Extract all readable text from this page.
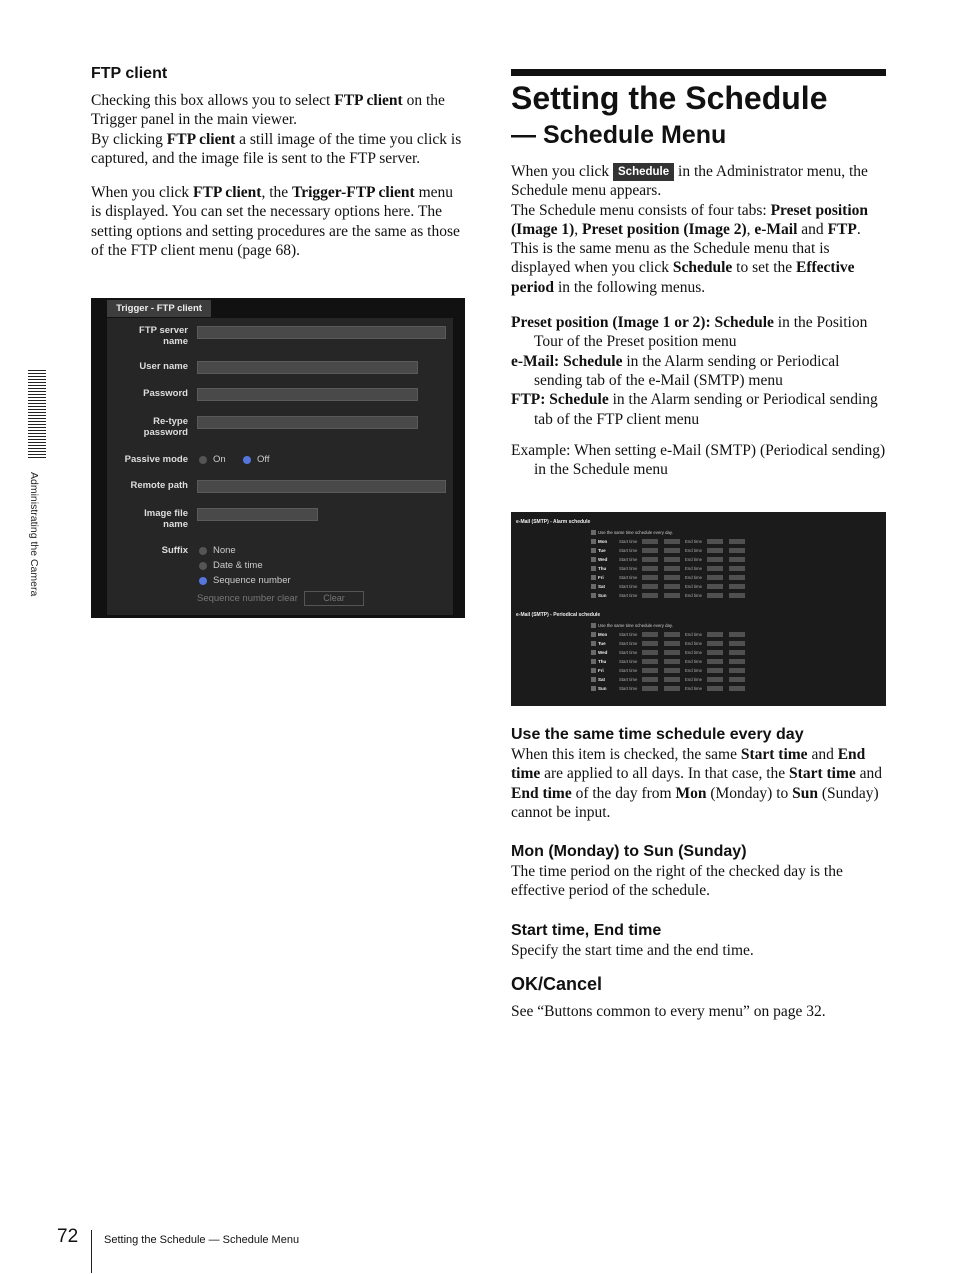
FTP client

Checking this box allows you to select FTP client on the Trigger panel in the main viewer.

By clicking FTP client a still image of the time you click is captured, and the image file is sent to the FTP server.

When you click FTP client, the Trigger-FTP client menu is displayed. You can set the necessary options here. The setting options and setting procedures are the same as those of the FTP client menu (page 68).

Trigger - FTP client
FTP server
name
User name
Password
Re-type
password
Passive mode	On	Off
Remote path
Image file
name
Suffix	None
Date & time
Sequence number
Sequence number clear	Clear
Setting the Schedule
— Schedule Menu

When you click Schedule in the Administrator menu, the Schedule menu appears.

The Schedule menu consists of four tabs: Preset position (Image 1), Preset position (Image 2), e-Mail and FTP.

This is the same menu as the Schedule menu that is displayed when you click Schedule to set the Effective period in the following menus.

Preset position (Image 1 or 2): Schedule in the Position Tour of the Preset position menu

e-Mail: Schedule in the Alarm sending or Periodical sending tab of the e-Mail (SMTP) menu

FTP: Schedule in the Alarm sending or Periodical sending tab of the FTP client menu

Example: When setting e-Mail (SMTP) (Periodical sending) in the Schedule menu

e-Mail (SMTP) - Alarm schedule
Use the same time schedule every day.
Mon	Start time	End time
Tue	Start time	End time
Wed	Start time	End time
Thu	Start time	End time
Fri	Start time	End time
Sat	Start time	End time
Sun	Start time	End time
e-Mail (SMTP) - Periodical schedule
Use the same time schedule every day.
Mon	Start time	End time
Tue	Start time	End time
Wed	Start time	End time
Thu	Start time	End time
Fri	Start time	End time
Sat	Start time	End time
Sun	Start time	End time
Use the same time schedule every day

When this item is checked, the same Start time and End time are applied to all days. In that case, the Start time and End time of the day from Mon (Monday) to Sun (Sunday) cannot be input.

Mon (Monday) to Sun (Sunday)

The time period on the right of the checked day is the effective period of the schedule.

Start time, End time

Specify the start time and the end time.

OK/Cancel

See “Buttons common to every menu” on page 32.

Administrating the Camera
72 Setting the Schedule — Schedule Menu
